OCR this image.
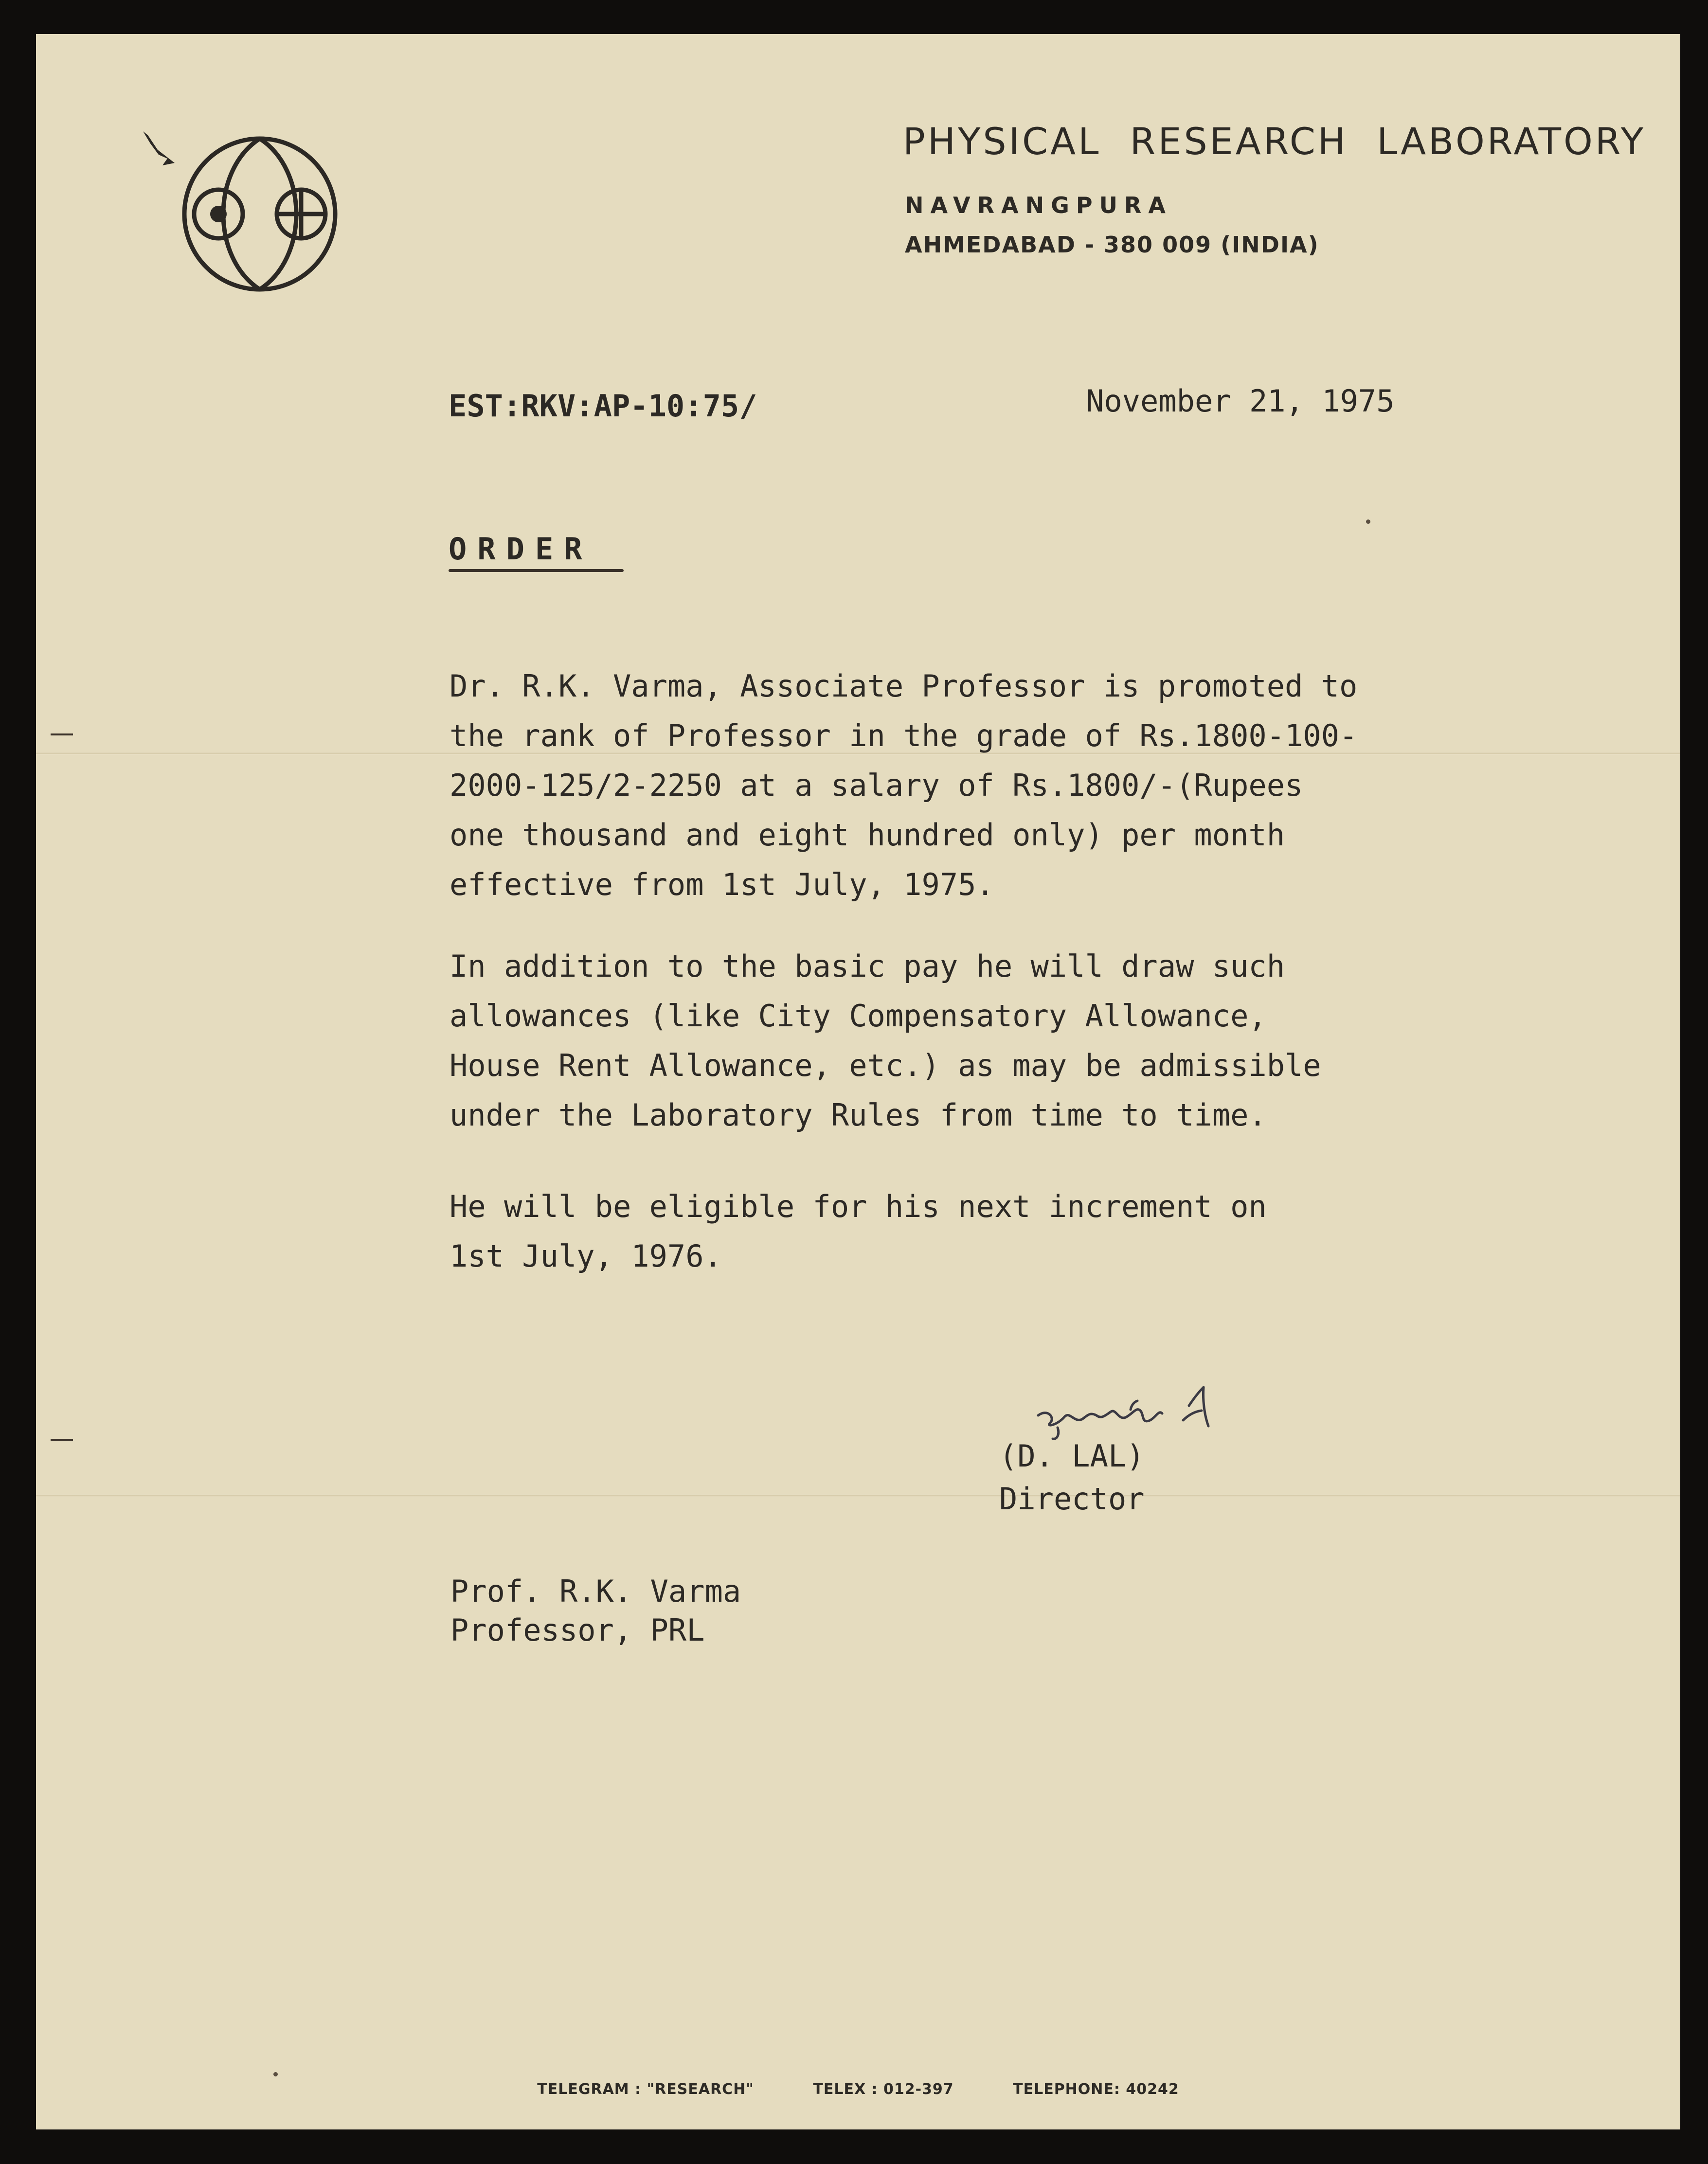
PHYSICAL RESEARCH LABORATORY
NAVRANGPURA
AHMEDABAD - 380 009 (INDIA)
EST:RKV:AP-10:75/	November 21, 1975
ORDER
Dr. R.K. Varma, Associate Professor is promoted to
the rank of Professor in the grade of Rs.1800-100-
2000-125/2-2250 at a salary of Rs.1800/-(Rupees
one thousand and eight hundred only) per month
effective from 1st July, 1975.
In addition to the basic pay he will draw such
allowances (like City Compensatory Allowance,
House Rent Allowance, etc.) as may be admissible
under the Laboratory Rules from time to time.
He will be eligible for his next increment on
1st July, 1976.
(D. LAL)
Director
Prof. R.K. Varma
Professor, PRL
TELEGRAM : "RESEARCH"	TELEX : 012-397	TELEPHONE: 40242
